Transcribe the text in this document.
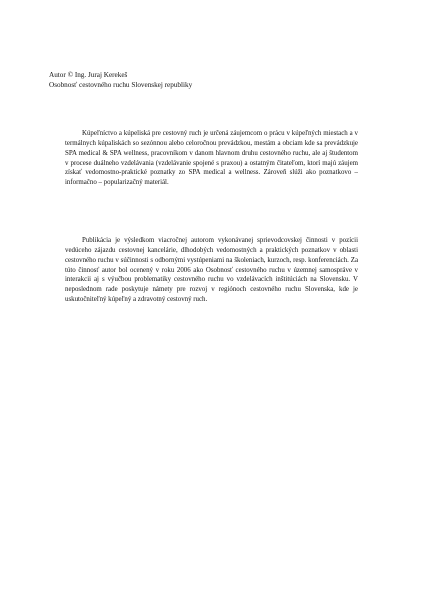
Autor © Ing. Juraj Kerekeš
Osobnosť cestovného ruchu Slovenskej republiky

Kúpeľníctvo a kúpeliská pre cestovný ruch je určená záujemcom o prácu v kúpeľných miestach a v termálnych kúpaliskách so sezónnou alebo celoročnou prevádzkou, mestám a obciam kde sa prevádzkuje SPA medical & SPA wellness, pracovníkom v danom hlavnom druhu cestovného ruchu, ale aj študentom v procese duálneho vzdelávania (vzdelávanie spojené s praxou) a ostatným čitateľom, ktorí majú záujem získať vedomostno-praktické poznatky zo SPA medical a wellness. Zároveň slúži ako poznatkovo – informačno – popularizačný materiál.

Publikácia je výsledkom viacročnej autorom vykonávanej sprievodcovskej činnosti v pozícii vedúceho zájazdu cestovnej kancelárie, dlhodobých vedomostných a praktických poznatkov v oblasti cestovného ruchu v súčinnosti s odbornými vystúpeniami na školeniach, kurzoch, resp. konferenciách. Za túto činnosť autor bol ocenený v roku 2006 ako Osobnosť cestovného ruchu v územnej samospráve v interakcii aj s výučbou problematiky cestovného ruchu vo vzdelávacích inštitúciách na Slovensku. V neposlednom rade poskytuje námety pre rozvoj v regiónoch cestovného ruchu Slovenska, kde je uskutočniteľný kúpeľný a zdravotný cestovný ruch.
